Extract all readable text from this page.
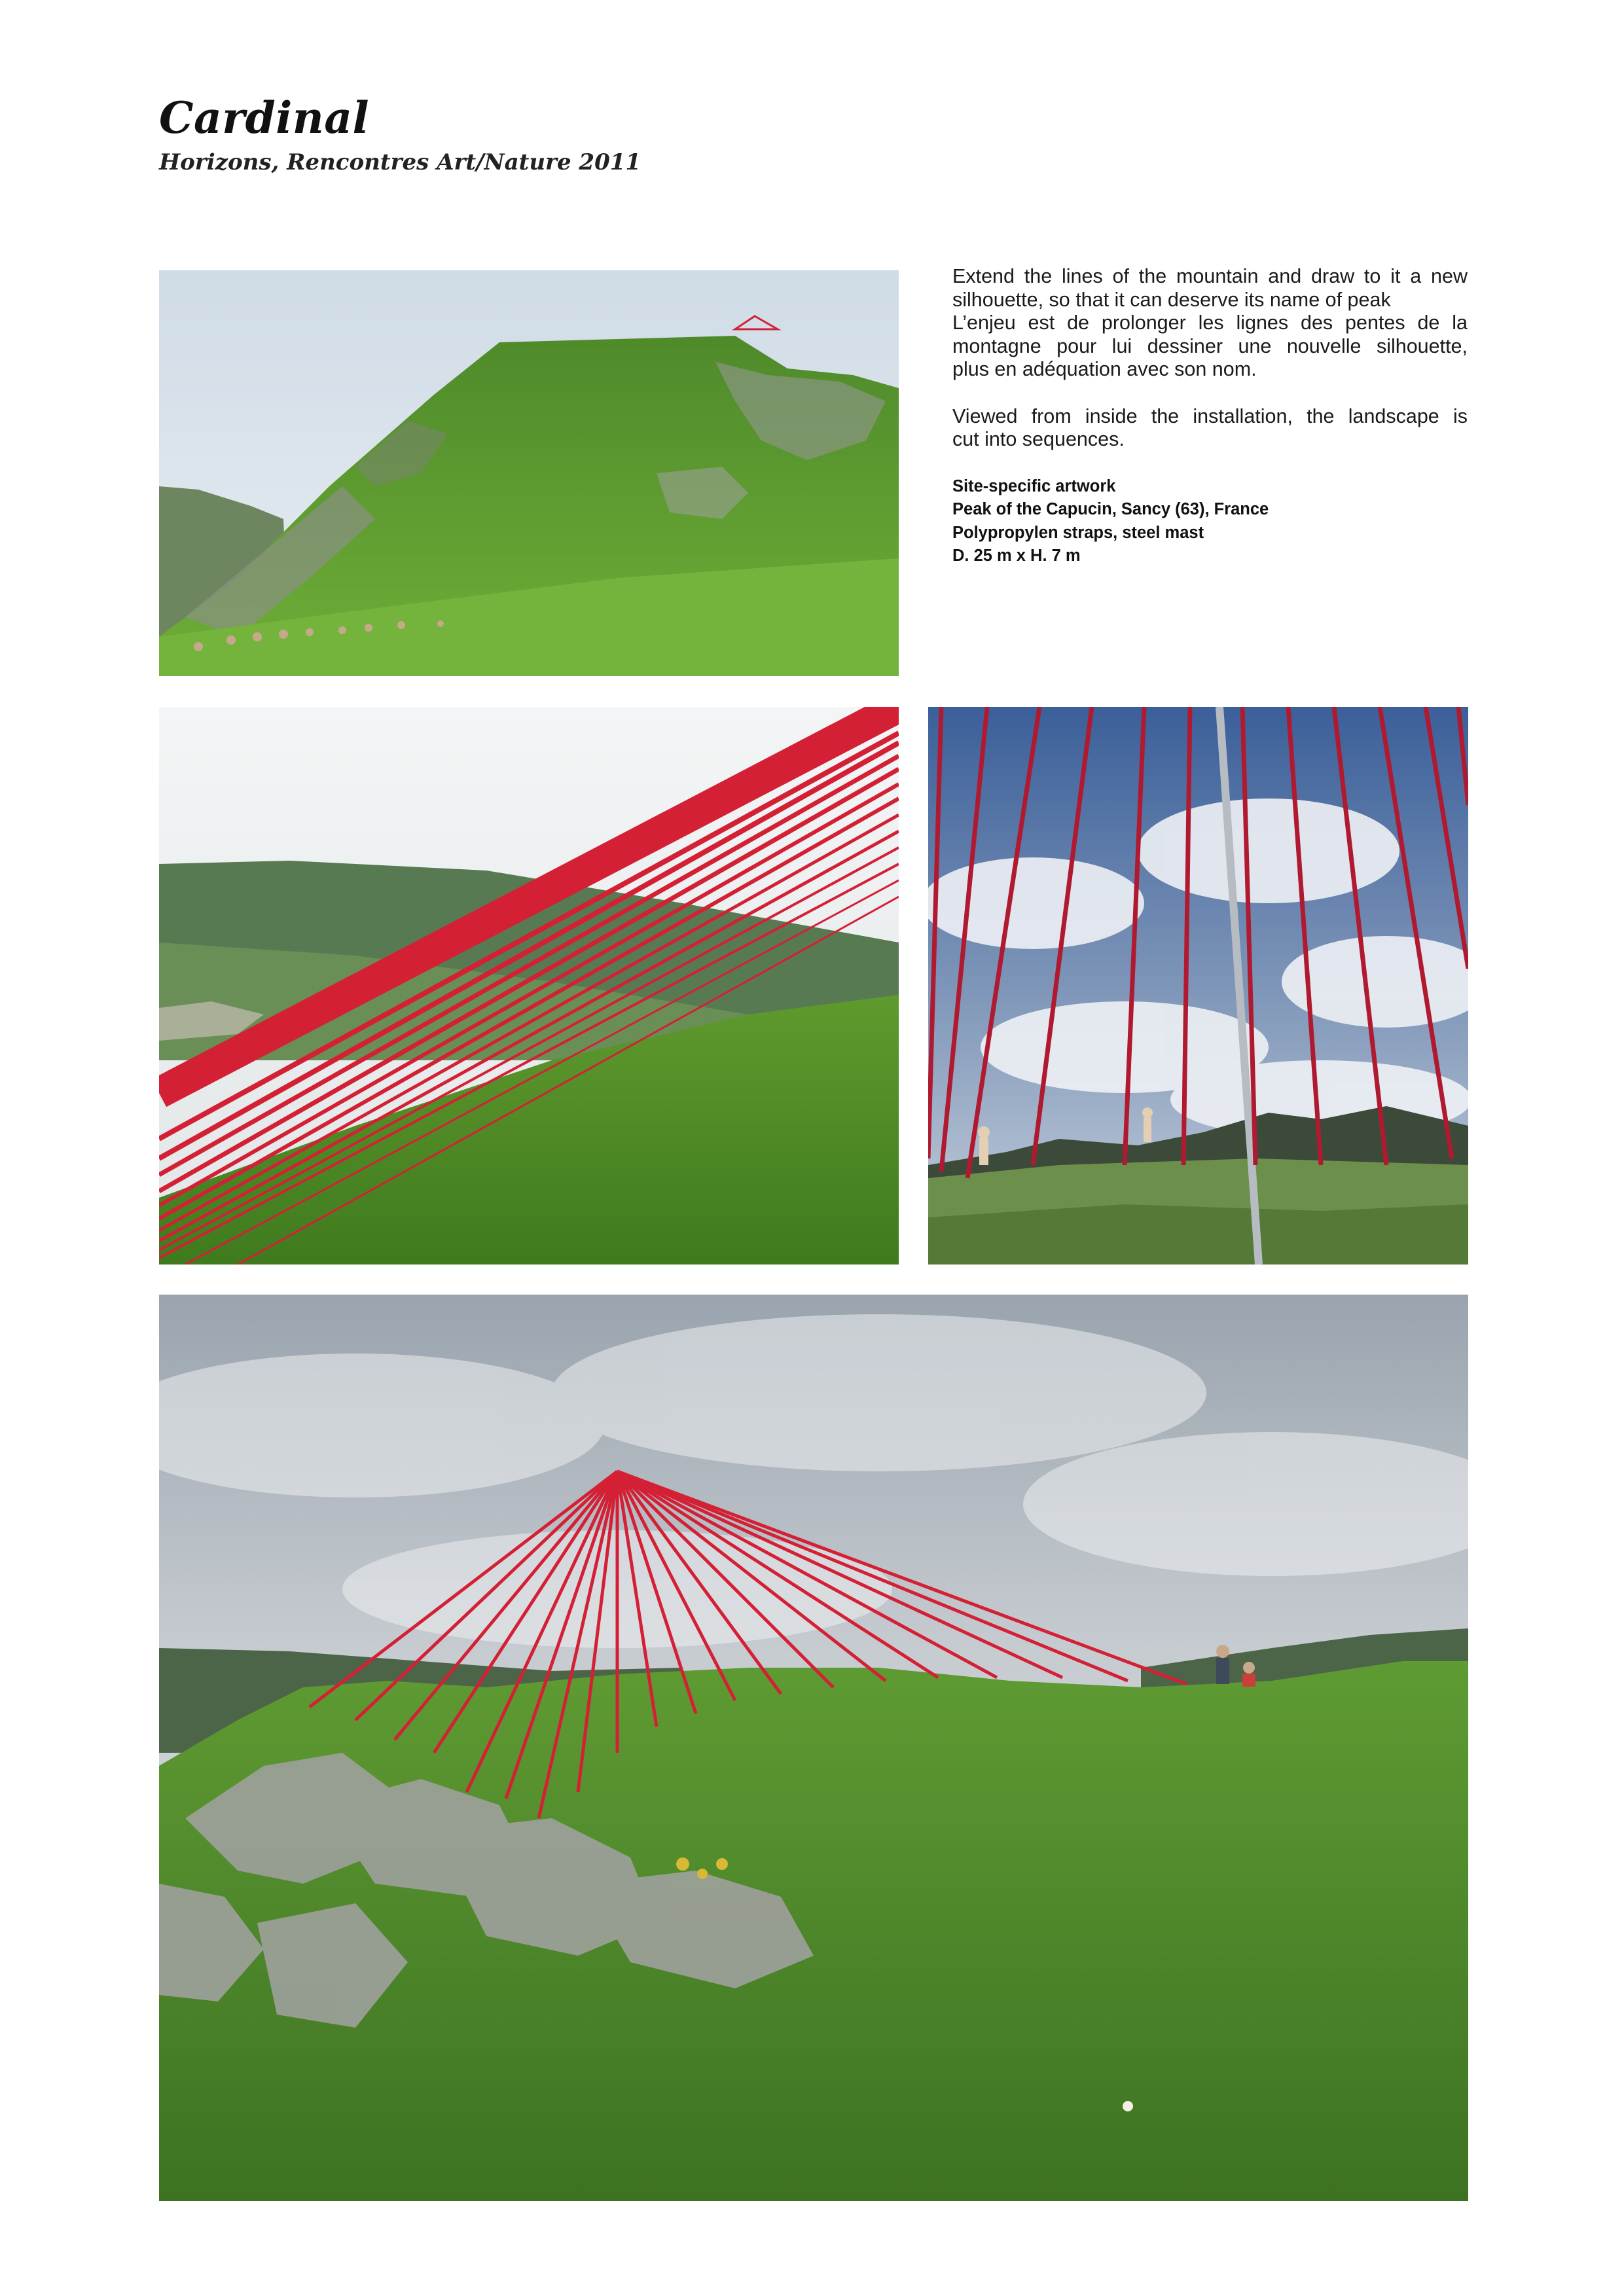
Cardinal
Horizons, Rencontres Art/Nature 2011

Extend the lines of the mountain and draw to it a new
silhouette, so that it can deserve its name of peak
L’enjeu est de prolonger les lignes des pentes de la
montagne pour lui dessiner une nouvelle silhouette,
plus en adéquation avec son nom.

Viewed from inside the installation, the landscape is
cut into sequences.

Site-specific artwork
Peak of the Capucin, Sancy (63), France
Polypropylen straps, steel mast
D. 25 m x H. 7 m
